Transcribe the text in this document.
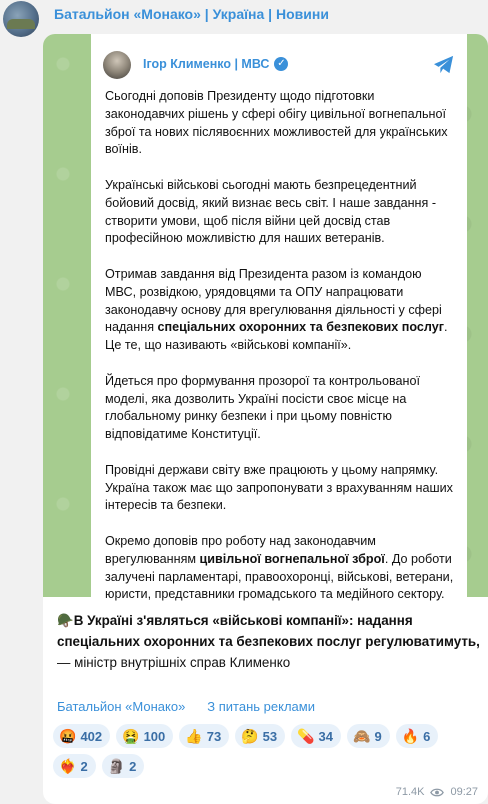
Батальйон «Монако» | Україна | Новини
Ігор Клименко | МВС ✓

Сьогодні доповів Президенту щодо підготовки законодавчих рішень у сфері обігу цивільної вогнепальної зброї та нових післявоєнних можливостей для українських воїнів.

Українські військові сьогодні мають безпрецедентний бойовий досвід, який визнає весь світ. І наше завдання - створити умови, щоб після війни цей досвід став професійною можливістю для наших ветеранів.

Отримав завдання від Президента разом із командою МВС, розвідкою, урядовцями та ОПУ напрацювати законодавчу основу для врегулювання діяльності у сфері надання спеціальних охоронних та безпекових послуг. Це те, що називають «військові компанії».

Йдеться про формування прозорої та контрольованої моделі, яка дозволить Україні посісти своє місце на глобальному ринку безпеки і при цьому повністю відповідатиме Конституції.

Провідні держави світу вже працюють у цьому напрямку. Україна також має що запропонувати з врахуванням наших інтересів та безпеки.

Окремо доповів про роботу над законодавчим врегулюванням цивільної вогнепальної зброї. До роботи залучені парламентарі, правоохоронці, військові, ветерани, юристи, представники громадського та медійного сектору.

🪖В Україні з'являться «військові компанії»: надання спеціальних охоронних та безпекових послуг регулюватимуть, — міністр внутрішніх справ Клименко
Батальйон «Монако» З питань реклами
🤬 402 🤮 100 👍 73 🤔 53 💊 34 🙈 9 🔥 6
❤️‍🔥 2 🗿 2
71.4K 09:27
